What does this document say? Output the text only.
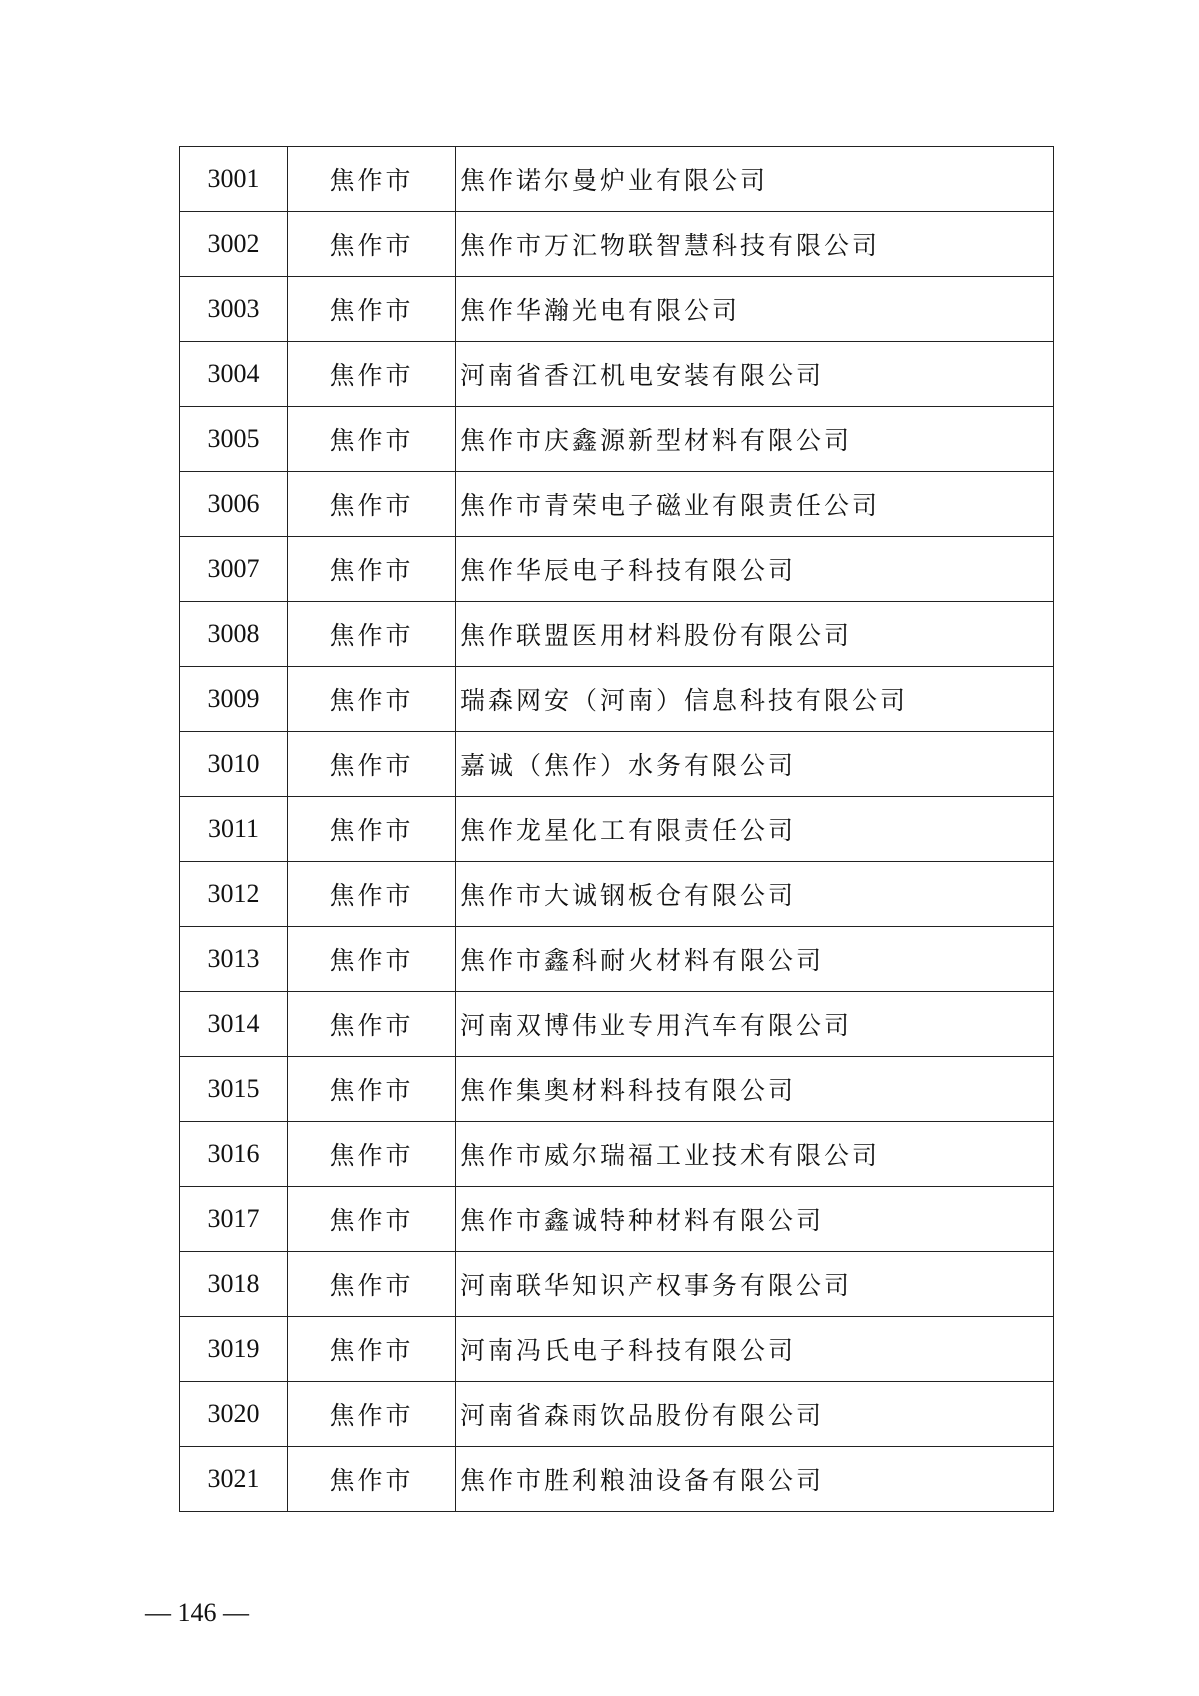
3001	焦作市	焦作诺尔曼炉业有限公司
3002	焦作市	焦作市万汇物联智慧科技有限公司
3003	焦作市	焦作华瀚光电有限公司
3004	焦作市	河南省香江机电安装有限公司
3005	焦作市	焦作市庆鑫源新型材料有限公司
3006	焦作市	焦作市青荣电子磁业有限责任公司
3007	焦作市	焦作华辰电子科技有限公司
3008	焦作市	焦作联盟医用材料股份有限公司
3009	焦作市	瑞森网安（河南）信息科技有限公司
3010	焦作市	嘉诚（焦作）水务有限公司
3011	焦作市	焦作龙星化工有限责任公司
3012	焦作市	焦作市大诚钢板仓有限公司
3013	焦作市	焦作市鑫科耐火材料有限公司
3014	焦作市	河南双博伟业专用汽车有限公司
3015	焦作市	焦作集奥材料科技有限公司
3016	焦作市	焦作市威尔瑞福工业技术有限公司
3017	焦作市	焦作市鑫诚特种材料有限公司
3018	焦作市	河南联华知识产权事务有限公司
3019	焦作市	河南冯氏电子科技有限公司
3020	焦作市	河南省森雨饮品股份有限公司
3021	焦作市	焦作市胜利粮油设备有限公司
— 146 —
